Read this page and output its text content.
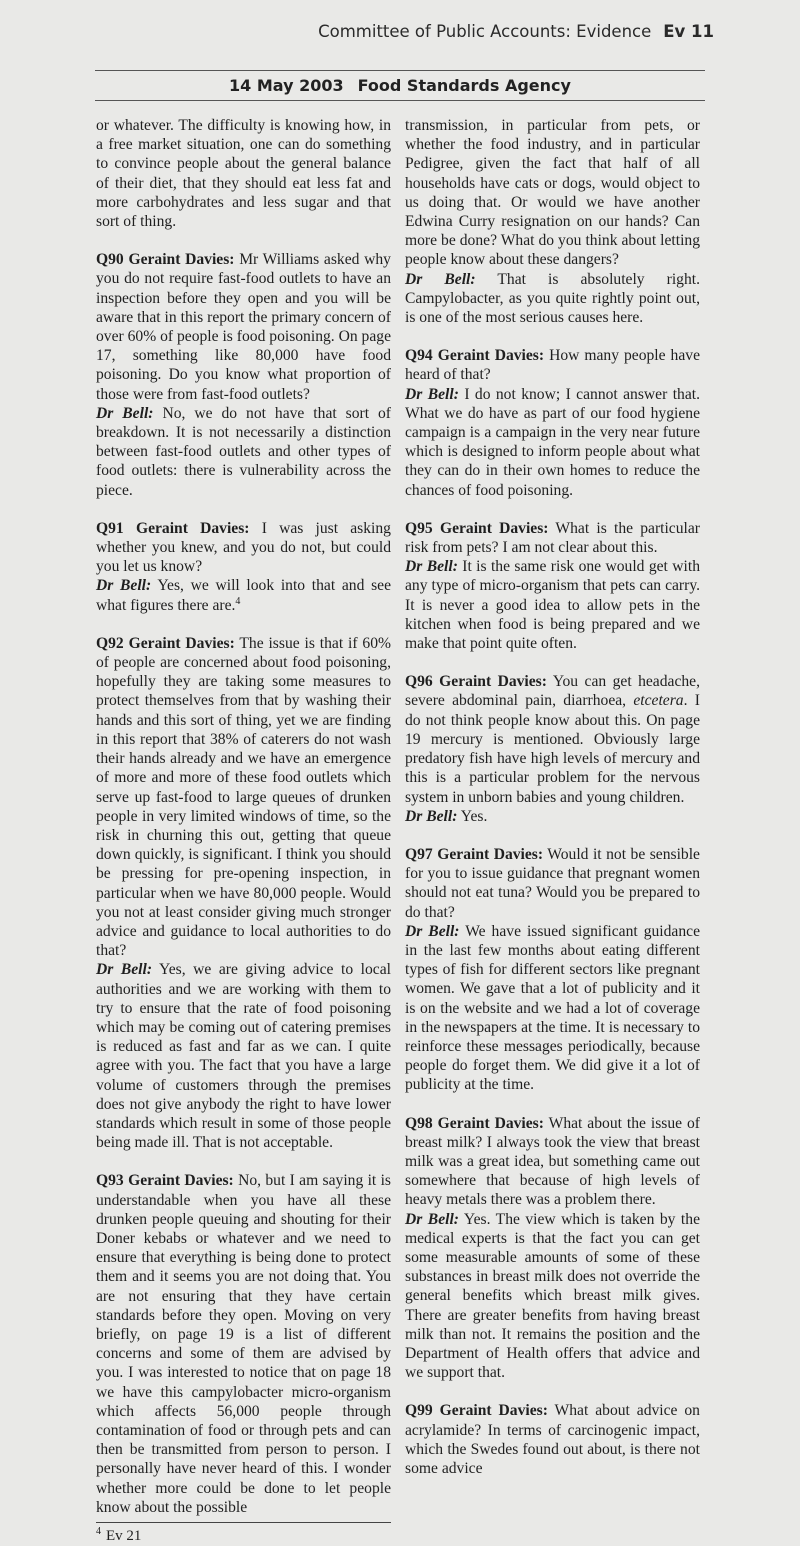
Committee of Public Accounts: Evidence Ev 11
14 May 2003 Food Standards Agency

or whatever. The difficulty is knowing how, in a free market situation, one can do something to convince people about the general balance of their diet, that they should eat less fat and more carbohydrates and less sugar and that sort of thing.

Q90 Geraint Davies: Mr Williams asked why you do not require fast-food outlets to have an inspection before they open and you will be aware that in this report the primary concern of over 60% of people is food poisoning. On page 17, something like 80,000 have food poisoning. Do you know what proportion of those were from fast-food outlets?

Dr Bell: No, we do not have that sort of breakdown. It is not necessarily a distinction between fast-food outlets and other types of food outlets: there is vulnerability across the piece.

Q91 Geraint Davies: I was just asking whether you knew, and you do not, but could you let us know?

Dr Bell: Yes, we will look into that and see what figures there are.$^4$

Q92 Geraint Davies: The issue is that if 60% of people are concerned about food poisoning, hopefully they are taking some measures to protect themselves from that by washing their hands and this sort of thing, yet we are finding in this report that 38% of caterers do not wash their hands already and we have an emergence of more and more of these food outlets which serve up fast-food to large queues of drunken people in very limited windows of time, so the risk in churning this out, getting that queue down quickly, is significant. I think you should be pressing for pre-opening inspection, in particular when we have 80,000 people. Would you not at least consider giving much stronger advice and guidance to local authorities to do that?

Dr Bell: Yes, we are giving advice to local authorities and we are working with them to try to ensure that the rate of food poisoning which may be coming out of catering premises is reduced as fast and far as we can. I quite agree with you. The fact that you have a large volume of customers through the premises does not give anybody the right to have lower standards which result in some of those people being made ill. That is not acceptable.

Q93 Geraint Davies: No, but I am saying it is understandable when you have all these drunken people queuing and shouting for their Doner kebabs or whatever and we need to ensure that everything is being done to protect them and it seems you are not doing that. You are not ensuring that they have certain standards before they open. Moving on very briefly, on page 19 is a list of different concerns and some of them are advised by you. I was interested to notice that on page 18 we have this campylobacter micro-organism which affects 56,000 people through contamination of food or through pets and can then be transmitted from person to person. I personally have never heard of this. I wonder whether more could be done to let people know about the possible

$^4$ Ev 21

transmission, in particular from pets, or whether the food industry, and in particular Pedigree, given the fact that half of all households have cats or dogs, would object to us doing that. Or would we have another Edwina Curry resignation on our hands? Can more be done? What do you think about letting people know about these dangers?

Dr Bell: That is absolutely right. Campylobacter, as you quite rightly point out, is one of the most serious causes here.

Q94 Geraint Davies: How many people have heard of that?

Dr Bell: I do not know; I cannot answer that. What we do have as part of our food hygiene campaign is a campaign in the very near future which is designed to inform people about what they can do in their own homes to reduce the chances of food poisoning.

Q95 Geraint Davies: What is the particular risk from pets? I am not clear about this.

Dr Bell: It is the same risk one would get with any type of micro-organism that pets can carry. It is never a good idea to allow pets in the kitchen when food is being prepared and we make that point quite often.

Q96 Geraint Davies: You can get headache, severe abdominal pain, diarrhoea, etcetera. I do not think people know about this. On page 19 mercury is mentioned. Obviously large predatory fish have high levels of mercury and this is a particular problem for the nervous system in unborn babies and young children.

Dr Bell: Yes.

Q97 Geraint Davies: Would it not be sensible for you to issue guidance that pregnant women should not eat tuna? Would you be prepared to do that?

Dr Bell: We have issued significant guidance in the last few months about eating different types of fish for different sectors like pregnant women. We gave that a lot of publicity and it is on the website and we had a lot of coverage in the newspapers at the time. It is necessary to reinforce these messages periodically, because people do forget them. We did give it a lot of publicity at the time.

Q98 Geraint Davies: What about the issue of breast milk? I always took the view that breast milk was a great idea, but something came out somewhere that because of high levels of heavy metals there was a problem there.

Dr Bell: Yes. The view which is taken by the medical experts is that the fact you can get some measurable amounts of some of these substances in breast milk does not override the general benefits which breast milk gives. There are greater benefits from having breast milk than not. It remains the position and the Department of Health offers that advice and we support that.

Q99 Geraint Davies: What about advice on acrylamide? In terms of carcinogenic impact, which the Swedes found out about, is there not some advice
